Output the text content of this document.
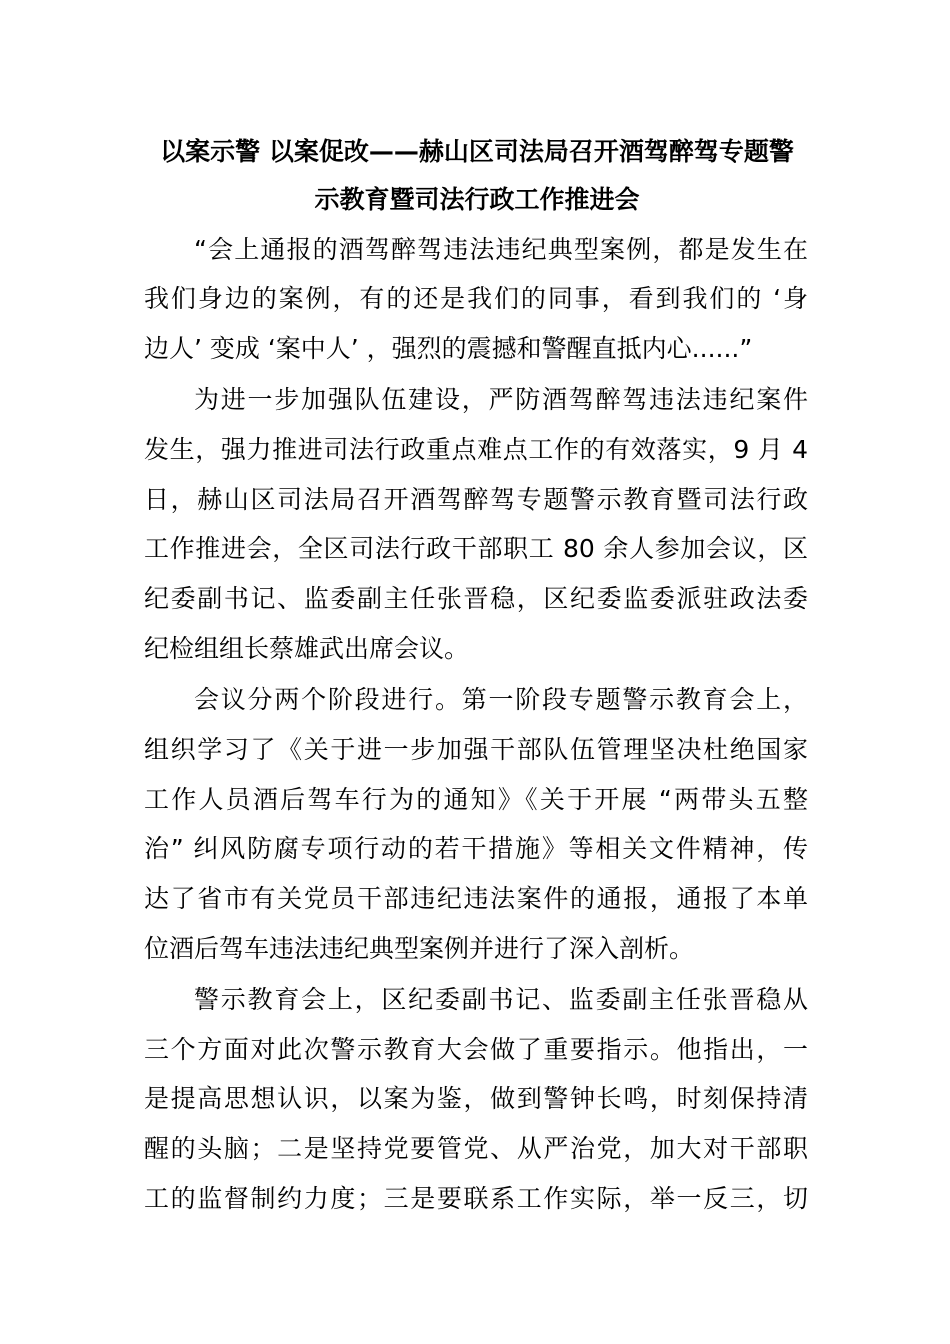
以案示警 以案促改——赫山区司法局召开酒驾醉驾专题警
示教育暨司法行政工作推进会
“会上通报的酒驾醉驾违法违纪典型案例，都是发生在
我们身边的案例，有的还是我们的同事，看到我们的 ‘身
边人’ 变成 ‘案中人’ ，强烈的震撼和警醒直抵内心......”
为进一步加强队伍建设，严防酒驾醉驾违法违纪案件
发生，强力推进司法行政重点难点工作的有效落实，9 月 4
日，赫山区司法局召开酒驾醉驾专题警示教育暨司法行政
工作推进会，全区司法行政干部职工 80 余人参加会议，区
纪委副书记、监委副主任张晋稳，区纪委监委派驻政法委
纪检组组长蔡雄武出席会议。
会议分两个阶段进行。第一阶段专题警示教育会上，
组织学习了《关于进一步加强干部队伍管理坚决杜绝国家
工作人员酒后驾车行为的通知》《关于开展 “两带头五整
治” 纠风防腐专项行动的若干措施》等相关文件精神，传
达了省市有关党员干部违纪违法案件的通报，通报了本单
位酒后驾车违法违纪典型案例并进行了深入剖析。
警示教育会上，区纪委副书记、监委副主任张晋稳从
三个方面对此次警示教育大会做了重要指示。他指出，一
是提高思想认识，以案为鉴，做到警钟长鸣，时刻保持清
醒的头脑；二是坚持党要管党、从严治党，加大对干部职
工的监督制约力度；三是要联系工作实际，举一反三，切
